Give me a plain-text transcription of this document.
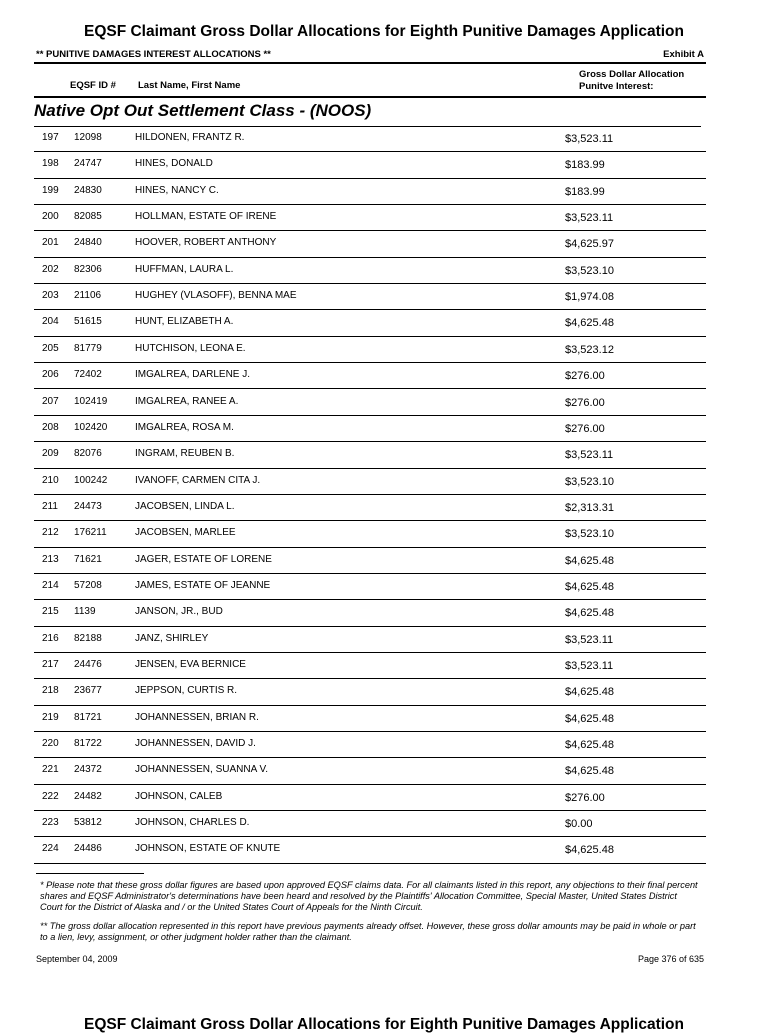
EQSF Claimant Gross Dollar Allocations for Eighth Punitive Damages Application
** PUNITIVE DAMAGES INTEREST ALLOCATIONS **	Exhibit A
EQSF ID # Last Name, First Name
Gross Dollar Allocation
Punitve Interest:
Native Opt Out Settlement Class - (NOOS)
197 12098	HILDONEN, FRANTZ R.	$3,523.11
198 24747	HINES, DONALD	$183.99
199 24830	HINES, NANCY C.	$183.99
200 82085	HOLLMAN, ESTATE OF IRENE	$3,523.11
201 24840	HOOVER, ROBERT ANTHONY	$4,625.97
202 82306	HUFFMAN, LAURA L.	$3,523.10
203 21106	HUGHEY (VLASOFF), BENNA MAE	$1,974.08
204 51615	HUNT, ELIZABETH A.	$4,625.48
205 81779	HUTCHISON, LEONA E.	$3,523.12
206 72402	IMGALREA, DARLENE J.	$276.00
207 102419	IMGALREA, RANEE A.	$276.00
208 102420	IMGALREA, ROSA M.	$276.00
209 82076	INGRAM, REUBEN B.	$3,523.11
210 100242	IVANOFF, CARMEN CITA J.	$3,523.10
211 24473	JACOBSEN, LINDA L.	$2,313.31
212 176211	JACOBSEN, MARLEE	$3,523.10
213 71621	JAGER, ESTATE OF LORENE	$4,625.48
214 57208	JAMES, ESTATE OF JEANNE	$4,625.48
215 1139	JANSON, JR., BUD	$4,625.48
216 82188	JANZ, SHIRLEY	$3,523.11
217 24476	JENSEN, EVA BERNICE	$3,523.11
218 23677	JEPPSON, CURTIS R.	$4,625.48
219 81721	JOHANNESSEN, BRIAN R.	$4,625.48
220 81722	JOHANNESSEN, DAVID J.	$4,625.48
221 24372	JOHANNESSEN, SUANNA V.	$4,625.48
222 24482	JOHNSON, CALEB	$276.00
223 53812	JOHNSON, CHARLES D.	$0.00
224 24486	JOHNSON, ESTATE OF KNUTE	$4,625.48
* Please note that these gross dollar figures are based upon approved EQSF claims data. For all claimants listed in this report, any objections to their final percent shares and EQSF Administrator's determinations have been heard and resolved by the Plaintiffs' Allocation Committee, Special Master, United States District Court for the District of Alaska and / or the United States Court of Appeals for the Ninth Circuit.
** The gross dollar allocation represented in this report have previous payments already offset. However, these gross dollar amounts may be paid in whole or part to a lien, levy, assignment, or other judgment holder rather than the claimant.
September 04, 2009	Page 376 of 635
EQSF Claimant Gross Dollar Allocations for Eighth Punitive Damages Application
